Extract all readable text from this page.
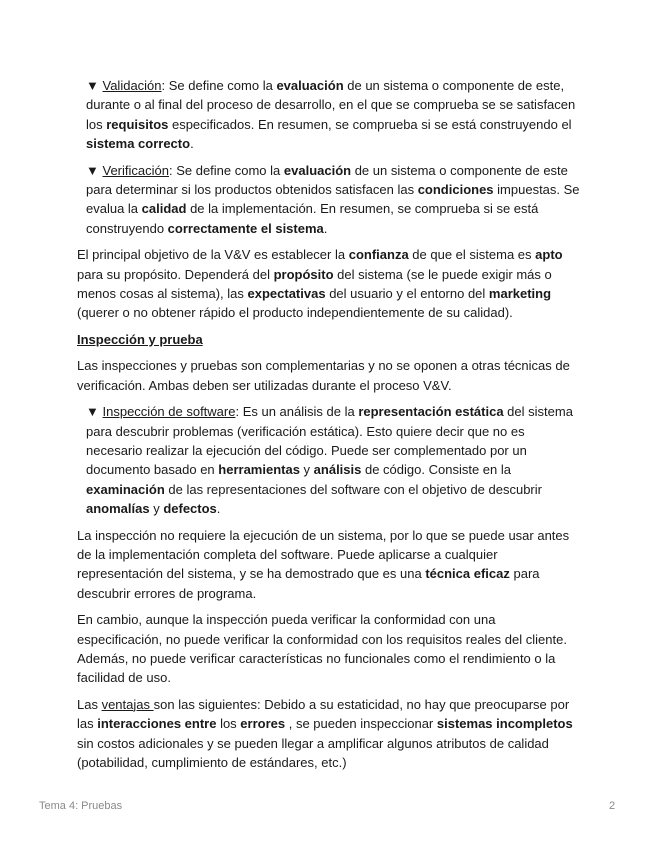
▼ Validación: Se define como la evaluación de un sistema o componente de este, durante o al final del proceso de desarrollo, en el que se comprueba se se satisfacen los requisitos especificados. En resumen, se comprueba si se está construyendo el sistema correcto.
▼ Verificación: Se define como la evaluación de un sistema o componente de este para determinar si los productos obtenidos satisfacen las condiciones impuestas. Se evalua la calidad de la implementación. En resumen, se comprueba si se está construyendo correctamente el sistema.
El principal objetivo de la V&V es establecer la confianza de que el sistema es apto para su propósito. Dependerá del propósito del sistema (se le puede exigir más o menos cosas al sistema), las expectativas del usuario y el entorno del marketing (querer o no obtener rápido el producto independientemente de su calidad).
Inspección y prueba
Las inspecciones y pruebas son complementarias y no se oponen a otras técnicas de verificación. Ambas deben ser utilizadas durante el proceso V&V.
▼ Inspección de software: Es un análisis de la representación estática del sistema para descubrir problemas (verificación estática). Esto quiere decir que no es necesario realizar la ejecución del código. Puede ser complementado por un documento basado en herramientas y análisis de código. Consiste en la examinación de las representaciones del software con el objetivo de descubrir anomalías y defectos.
La inspección no requiere la ejecución de un sistema, por lo que se puede usar antes de la implementación completa del software. Puede aplicarse a cualquier representación del sistema, y se ha demostrado que es una técnica eficaz para descubrir errores de programa.
En cambio, aunque la inspección pueda verificar la conformidad con una especificación, no puede verificar la conformidad con los requisitos reales del cliente. Además, no puede verificar características no funcionales como el rendimiento o la facilidad de uso.
Las ventajas son las siguientes: Debido a su estaticidad, no hay que preocuparse por las interacciones entre los errores , se pueden inspeccionar sistemas incompletos sin costos adicionales y se pueden llegar a amplificar algunos atributos de calidad (potabilidad, cumplimiento de estándares, etc.)
Tema 4: Pruebas	2
